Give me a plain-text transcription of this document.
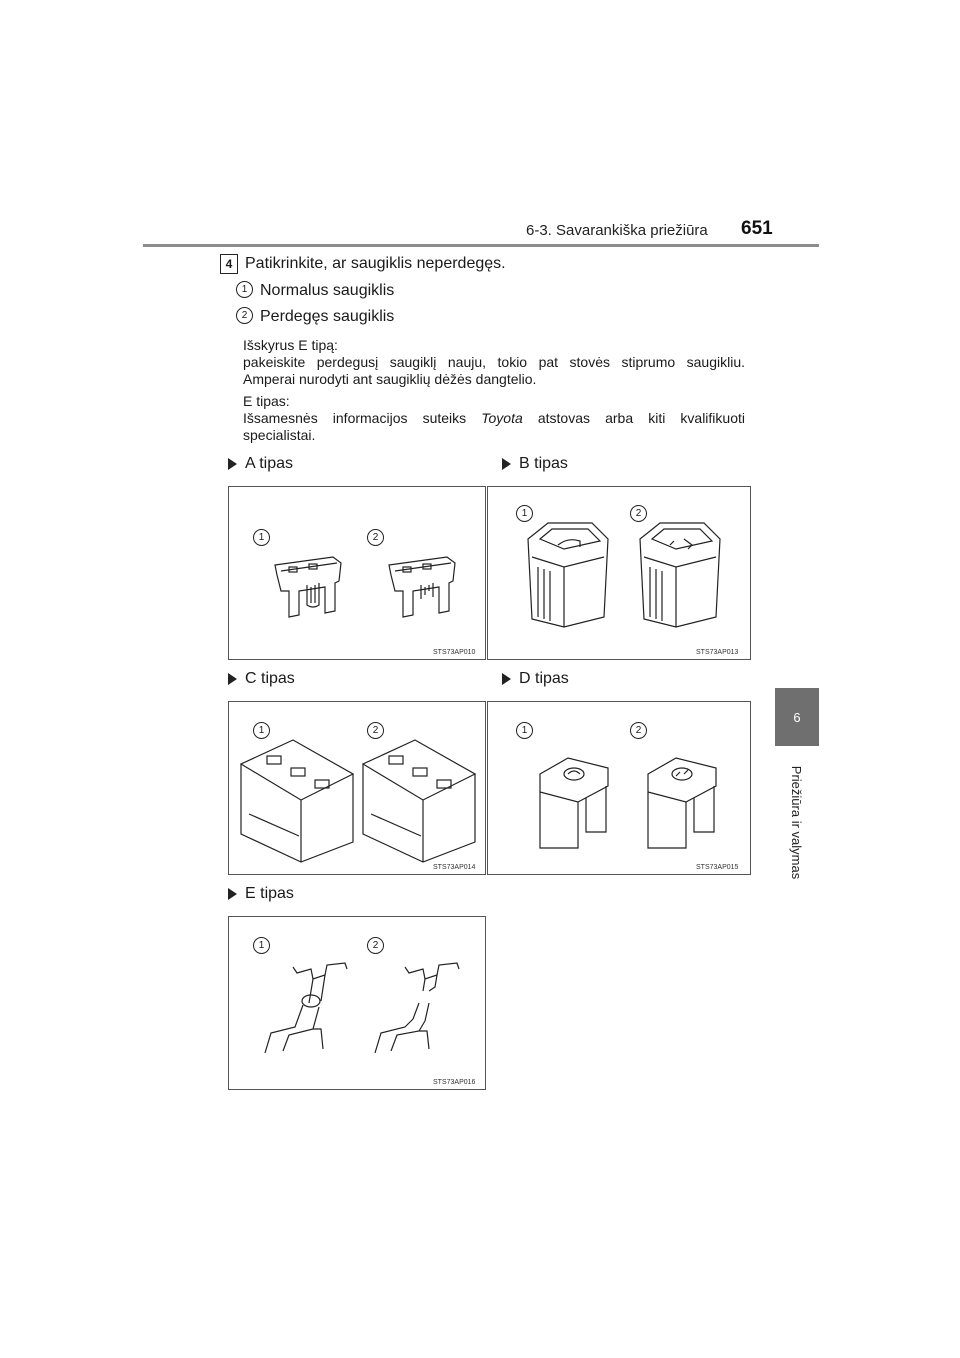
6-3. Savarankiška priežiūra 651
6
Priežiūra ir valymas
4 Patikrinkite, ar saugiklis neperdegęs.
1 Normalus saugiklis
2 Perdegęs saugiklis
Išskyrus E tipą:
pakeiskite perdegusį saugiklį nauju, tokio pat stovės stiprumo saugikliu.
Amperai nurodyti ant saugiklių dėžės dangtelio.
E tipas:
Išsamesnės informacijos suteiks Toyota atstovas arba kiti kvalifikuoti
specialistai.
A tipas	B tipas
C tipas	D tipas
E tipas
1	2
STS73AP010
1	2
STS73AP013
1	2
STS73AP014
1	2
STS73AP015
1	2
STS73AP016
